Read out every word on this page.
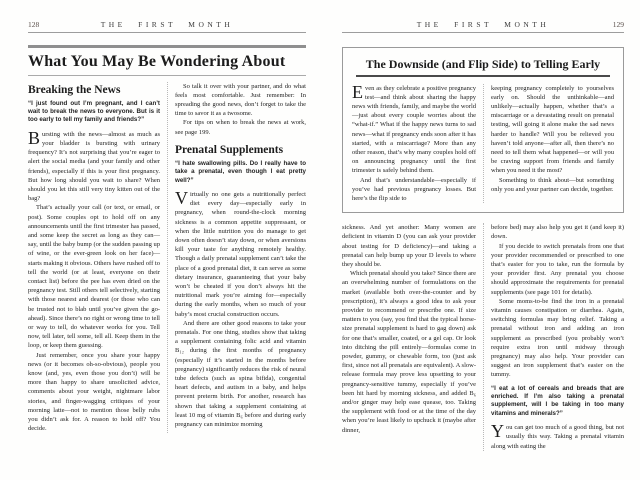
128	THE FIRST MONTH
What You May Be Wondering About
Breaking the News

“I just found out I’m pregnant, and I can’t wait to break the news to everyone. But is it too early to tell my family and friends?”

Bursting with the news—almost as much as your bladder is bursting with urinary frequency? It’s not surprising that you’re eager to alert the social media (and your family and other friends), especially if this is your first pregnancy. But how long should you wait to share? When should you let this still very tiny kitten out of the bag?

That’s actually your call (or text, or email, or post). Some couples opt to hold off on any announcements until the first trimester has passed, and some keep the secret as long as they can—say, until the baby bump (or the sudden passing up of wine, or the ever-green look on her face)—starts making it obvious. Others have rushed off to tell the world (or at least, everyone on their contact list) before the pee has even dried on the pregnancy test. Still others tell selectively, starting with those nearest and dearest (or those who can be trusted not to blab until you’ve given the go-ahead). Since there’s no right or wrong time to tell or way to tell, do whatever works for you. Tell now, tell later, tell some, tell all. Keep them in the loop, or keep them guessing.

Just remember, once you share your happy news (or it becomes oh-so-obvious), people you know (and, yes, even those you don’t) will be more than happy to share unsolicited advice, comments about your weight, nightmare labor stories, and finger-wagging critiques of your morning latte—not to mention those belly rubs you didn’t ask for. A reason to hold off? You decide.

So talk it over with your partner, and do what feels most comfortable. Just remember: In spreading the good news, don’t forget to take the time to savor it as a twosome.

For tips on when to break the news at work, see page 199.

Prenatal Supplements

“I hate swallowing pills. Do I really have to take a prenatal, even though I eat pretty well?”

Virtually no one gets a nutritionally perfect diet every day—especially early in pregnancy, when round-the-clock morning sickness is a common appetite suppressant, or when the little nutrition you do manage to get down often doesn’t stay down, or when aversions kill your taste for anything remotely healthy. Though a daily prenatal supplement can’t take the place of a good prenatal diet, it can serve as some dietary insurance, guaranteeing that your baby won’t be cheated if you don’t always hit the nutritional mark you’re aiming for—especially during the early months, when so much of your baby’s most crucial construction occurs.

And there are other good reasons to take your prenatals. For one thing, studies show that taking a supplement containing folic acid and vitamin B₁₂ during the first months of pregnancy (especially if it’s started in the months before pregnancy) significantly reduces the risk of neural tube defects (such as spina bifida), congenital heart defects, and autism in a baby, and helps prevent preterm birth. For another, research has shown that taking a supplement containing at least 10 mg of vitamin B₆ before and during early pregnancy can minimize morning

THE FIRST MONTH	129
The Downside (and Flip Side) to Telling Early

Even as they celebrate a positive pregnancy test—and think about sharing the happy news with friends, family, and maybe the world—just about every couple worries about the “what-if.” What if the happy news turns to sad news—what if pregnancy ends soon after it has started, with a miscarriage? More than any other reason, that’s why many couples hold off on announcing pregnancy until the first trimester is safely behind them.

And that’s understandable—especially if you’ve had previous pregnancy losses. But here’s the flip side to

keeping pregnancy completely to yourselves early on. Should the unthinkable—and unlikely—actually happen, whether that’s a miscarriage or a devastating result on prenatal testing, will going it alone make the sad news harder to handle? Will you be relieved you haven’t told anyone—after all, then there’s no need to tell them what happened—or will you be craving support from friends and family when you need it the most?

Something to think about—but something only you and your partner can decide, together.

sickness. And yet another: Many women are deficient in vitamin D (you can ask your provider about testing for D deficiency)—and taking a prenatal can help bump up your D levels to where they should be.

Which prenatal should you take? Since there are an overwhelming number of formulations on the market (available both over-the-counter and by prescription), it’s always a good idea to ask your provider to recommend or prescribe one. If size matters to you (say, you find that the typical horse-size prenatal supplement is hard to gag down) ask for one that’s smaller, coated, or a gel cap. Or look into ditching the pill entirely—formulas come in powder, gummy, or chewable form, too (just ask first, since not all prenatals are equivalent). A slow-release formula may prove less upsetting to your pregnancy-sensitive tummy, especially if you’ve been hit hard by morning sickness, and added B₆ and/or ginger may help ease quease, too. Taking the supplement with food or at the time of the day when you’re least likely to upchuck it (maybe after dinner,

before bed) may also help you get it (and keep it) down.

If you decide to switch prenatals from one that your provider recommended or prescribed to one that’s easier for you to take, run the formula by your provider first. Any prenatal you choose should approximate the requirements for prenatal supplements (see page 101 for details).

Some moms-to-be find the iron in a prenatal vitamin causes constipation or diarrhea. Again, switching formulas may bring relief. Taking a prenatal without iron and adding an iron supplement as prescribed (you probably won’t require extra iron until midway through pregnancy) may also help. Your provider can suggest an iron supplement that’s easier on the tummy.

“I eat a lot of cereals and breads that are enriched. If I’m also taking a prenatal supplement, will I be taking in too many vitamins and minerals?”

You can get too much of a good thing, but not usually this way. Taking a prenatal vitamin along with eating the
